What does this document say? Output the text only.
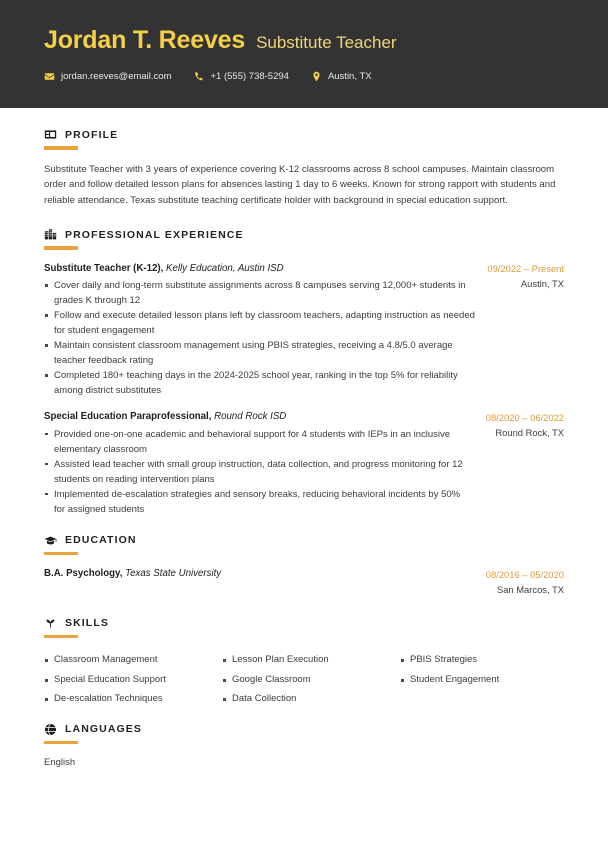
Jordan T. Reeves Substitute Teacher
jordan.reeves@email.com	+1 (555) 738-5294	Austin, TX
PROFILE
Substitute Teacher with 3 years of experience covering K-12 classrooms across 8 school campuses. Maintain classroom order and follow detailed lesson plans for absences lasting 1 day to 6 weeks. Known for strong rapport with students and reliable attendance. Texas substitute teaching certificate holder with background in special education support.
PROFESSIONAL EXPERIENCE
Substitute Teacher (K-12), Kelly Education, Austin ISD
Cover daily and long-term substitute assignments across 8 campuses serving 12,000+ students in grades K through 12
Follow and execute detailed lesson plans left by classroom teachers, adapting instruction as needed for student engagement
Maintain consistent classroom management using PBIS strategies, receiving a 4.8/5.0 average teacher feedback rating
Completed 180+ teaching days in the 2024-2025 school year, ranking in the top 5% for reliability among district substitutes
09/2022 – Present
Austin, TX
Special Education Paraprofessional, Round Rock ISD
Provided one-on-one academic and behavioral support for 4 students with IEPs in an inclusive elementary classroom
Assisted lead teacher with small group instruction, data collection, and progress monitoring for 12 students on reading intervention plans
Implemented de-escalation strategies and sensory breaks, reducing behavioral incidents by 50% for assigned students
08/2020 – 06/2022
Round Rock, TX
EDUCATION
B.A. Psychology, Texas State University	08/2016 – 05/2020
San Marcos, TX
SKILLS
Classroom Management	Lesson Plan Execution	PBIS Strategies
Special Education Support	Google Classroom	Student Engagement
De-escalation Techniques	Data Collection
LANGUAGES
English
